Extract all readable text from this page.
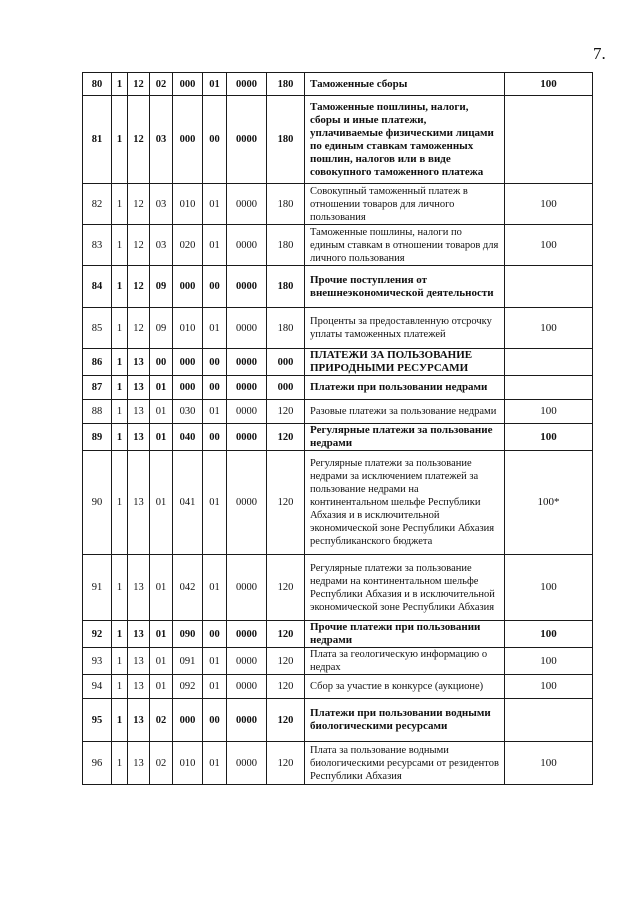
7.
80	1	12	02	000	01	0000	180	Таможенные сборы	100
81	1	12	03	000	00	0000	180	Таможенные пошлины, налоги, сборы и иные платежи, уплачиваемые физическими лицами по единым ставкам таможенных пошлин, налогов или в виде совокупного таможенного платежа	
82	1	12	03	010	01	0000	180	Совокупный таможенный платеж в отношении товаров для личного пользования	100
83	1	12	03	020	01	0000	180	Таможенные пошлины, налоги по единым ставкам в отношении товаров для личного пользования	100
84	1	12	09	000	00	0000	180	Прочие поступления от внешнеэкономической деятельности	
85	1	12	09	010	01	0000	180	Проценты за предоставленную отсрочку уплаты таможенных платежей	100
86	1	13	00	000	00	0000	000	ПЛАТЕЖИ ЗА ПОЛЬЗОВАНИЕ ПРИРОДНЫМИ РЕСУРСАМИ	
87	1	13	01	000	00	0000	000	Платежи при пользовании недрами	
88	1	13	01	030	01	0000	120	Разовые платежи за пользование недрами	100
89	1	13	01	040	00	0000	120	Регулярные платежи за пользование недрами	100
90	1	13	01	041	01	0000	120	Регулярные платежи за пользование недрами за исключением платежей за пользование недрами на континентальном шельфе Республики Абхазия и в исключительной экономической зоне Республики Абхазия республиканского бюджета	100*
91	1	13	01	042	01	0000	120	Регулярные платежи за пользование недрами на континентальном шельфе Республики Абхазия и в исключительной экономической зоне Республики Абхазия	100
92	1	13	01	090	00	0000	120	Прочие платежи при пользовании недрами	100
93	1	13	01	091	01	0000	120	Плата за геологическую информацию о недрах	100
94	1	13	01	092	01	0000	120	Сбор за участие в конкурсе (аукционе)	100
95	1	13	02	000	00	0000	120	Платежи при пользовании водными биологическими ресурсами	
96	1	13	02	010	01	0000	120	Плата за пользование водными биологическими ресурсами от резидентов Республики Абхазия	100
